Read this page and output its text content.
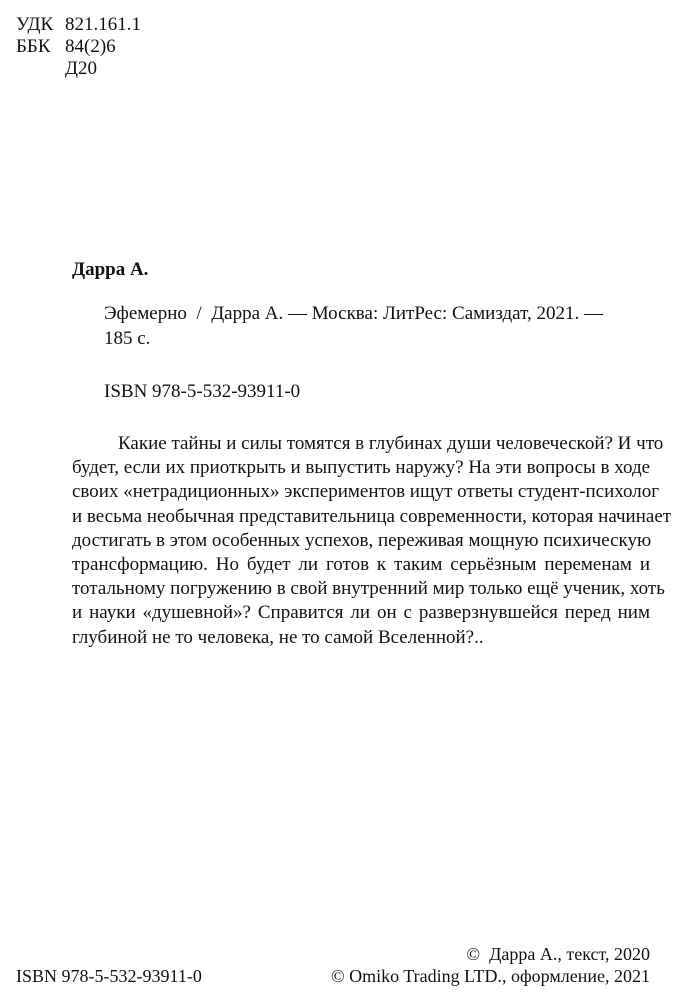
УДК 821.161.1
ББК 84(2)6
Д20
Дарра А.
Эфемерно  /  Дарра А. — Москва: ЛитРес: Самиздат, 2021. —
185 с.
ISBN 978-5-532-93911-0
Какие тайны и силы томятся в глубинах души человеческой? И что
будет, если их приоткрыть и выпустить наружу? На эти вопросы в ходе
своих «нетрадиционных» экспериментов ищут ответы студент-психолог
и весьма необычная представительница современности, которая начинает
достигать в этом особенных успехов, переживая мощную психическую
трансформацию. Но будет ли готов к таким серьёзным переменам и
тотальному погружению в свой внутренний мир только ещё ученик, хоть
и науки «душевной»? Справится ли он с разверзнувшейся перед ним
глубиной не то человека, не то самой Вселенной?..
©  Дарра А., текст, 2020
ISBN 978-5-532-93911-0	© Omiko Trading LTD., оформление, 2021
